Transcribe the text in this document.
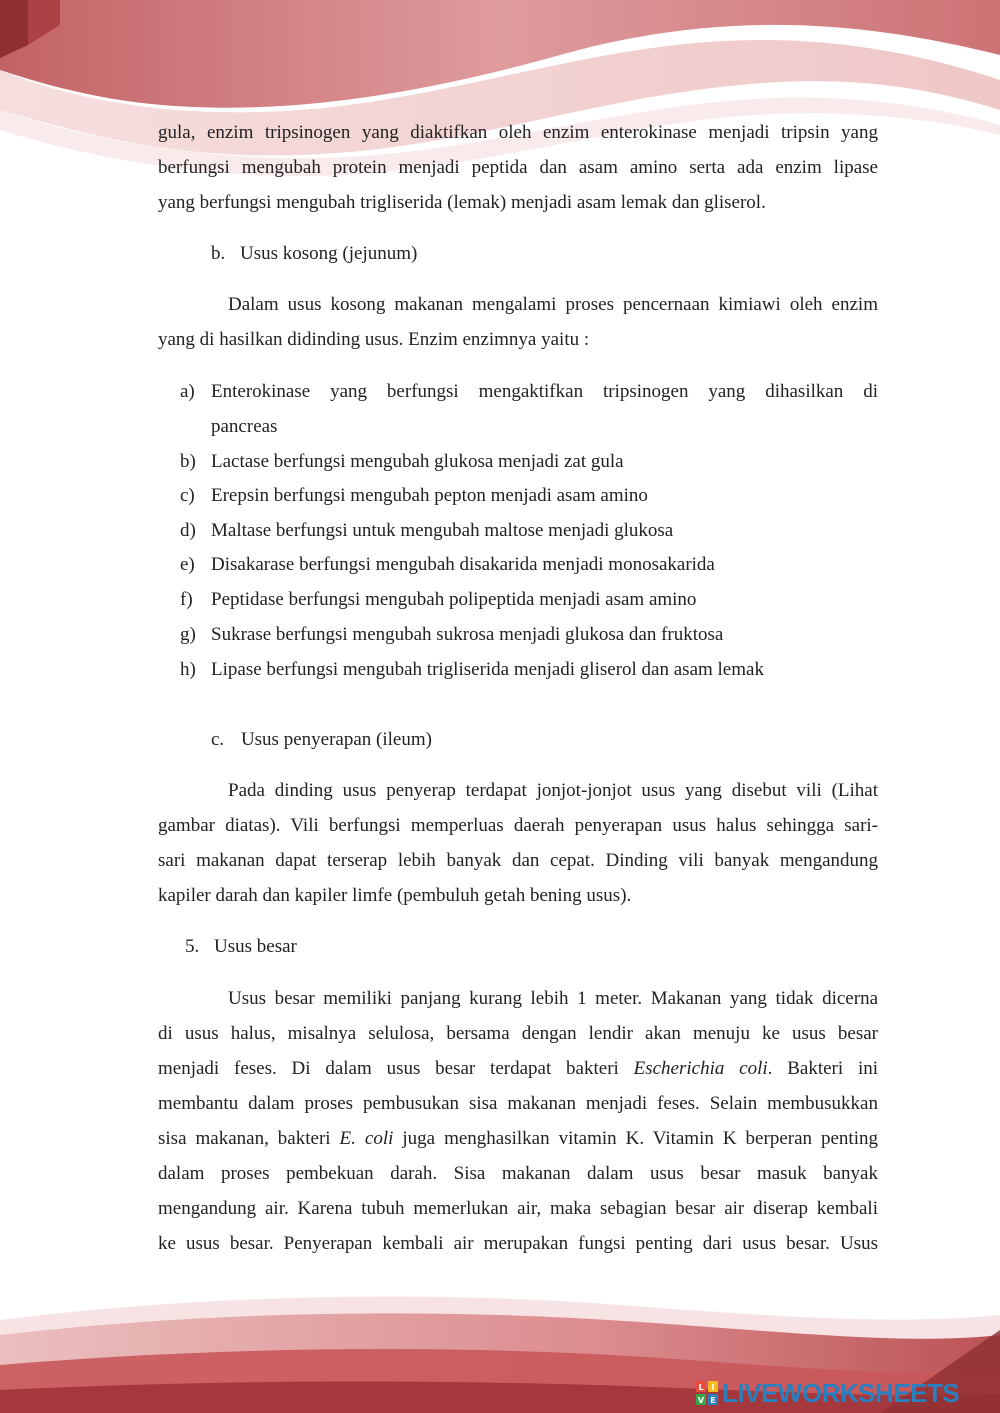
gula, enzim tripsinogen yang diaktifkan oleh enzim enterokinase menjadi tripsin yang
berfungsi mengubah protein menjadi peptida dan asam amino serta ada enzim lipase
yang berfungsi mengubah trigliserida (lemak) menjadi asam lemak dan gliserol.
b. Usus kosong (jejunum)
Dalam usus kosong makanan mengalami proses pencernaan kimiawi oleh enzim
yang di hasilkan didinding usus. Enzim enzimnya yaitu :
a) Enterokinase yang berfungsi mengaktifkan tripsinogen yang dihasilkan di
pancreas
b) Lactase berfungsi mengubah glukosa menjadi zat gula
c) Erepsin berfungsi mengubah pepton menjadi asam amino
d) Maltase berfungsi untuk mengubah maltose menjadi glukosa
e) Disakarase berfungsi mengubah disakarida menjadi monosakarida
f) Peptidase berfungsi mengubah polipeptida menjadi asam amino
g) Sukrase berfungsi mengubah sukrosa menjadi glukosa dan fruktosa
h) Lipase berfungsi mengubah trigliserida menjadi gliserol dan asam lemak
c. Usus penyerapan (ileum)
Pada dinding usus penyerap terdapat jonjot-jonjot usus yang disebut vili (Lihat
gambar diatas). Vili berfungsi memperluas daerah penyerapan usus halus sehingga sari-
sari makanan dapat terserap lebih banyak dan cepat. Dinding vili banyak mengandung
kapiler darah dan kapiler limfe (pembuluh getah bening usus).
5. Usus besar
Usus besar memiliki panjang kurang lebih 1 meter. Makanan yang tidak dicerna
di usus halus, misalnya selulosa, bersama dengan lendir akan menuju ke usus besar
menjadi feses. Di dalam usus besar terdapat bakteri Escherichia coli. Bakteri ini
membantu dalam proses pembusukan sisa makanan menjadi feses. Selain membusukkan
sisa makanan, bakteri E. coli juga menghasilkan vitamin K. Vitamin K berperan penting
dalam proses pembekuan darah. Sisa makanan dalam usus besar masuk banyak
mengandung air. Karena tubuh memerlukan air, maka sebagian besar air diserap kembali
ke usus besar. Penyerapan kembali air merupakan fungsi penting dari usus besar. Usus
L I
V E LIVEWORKSHEETS
